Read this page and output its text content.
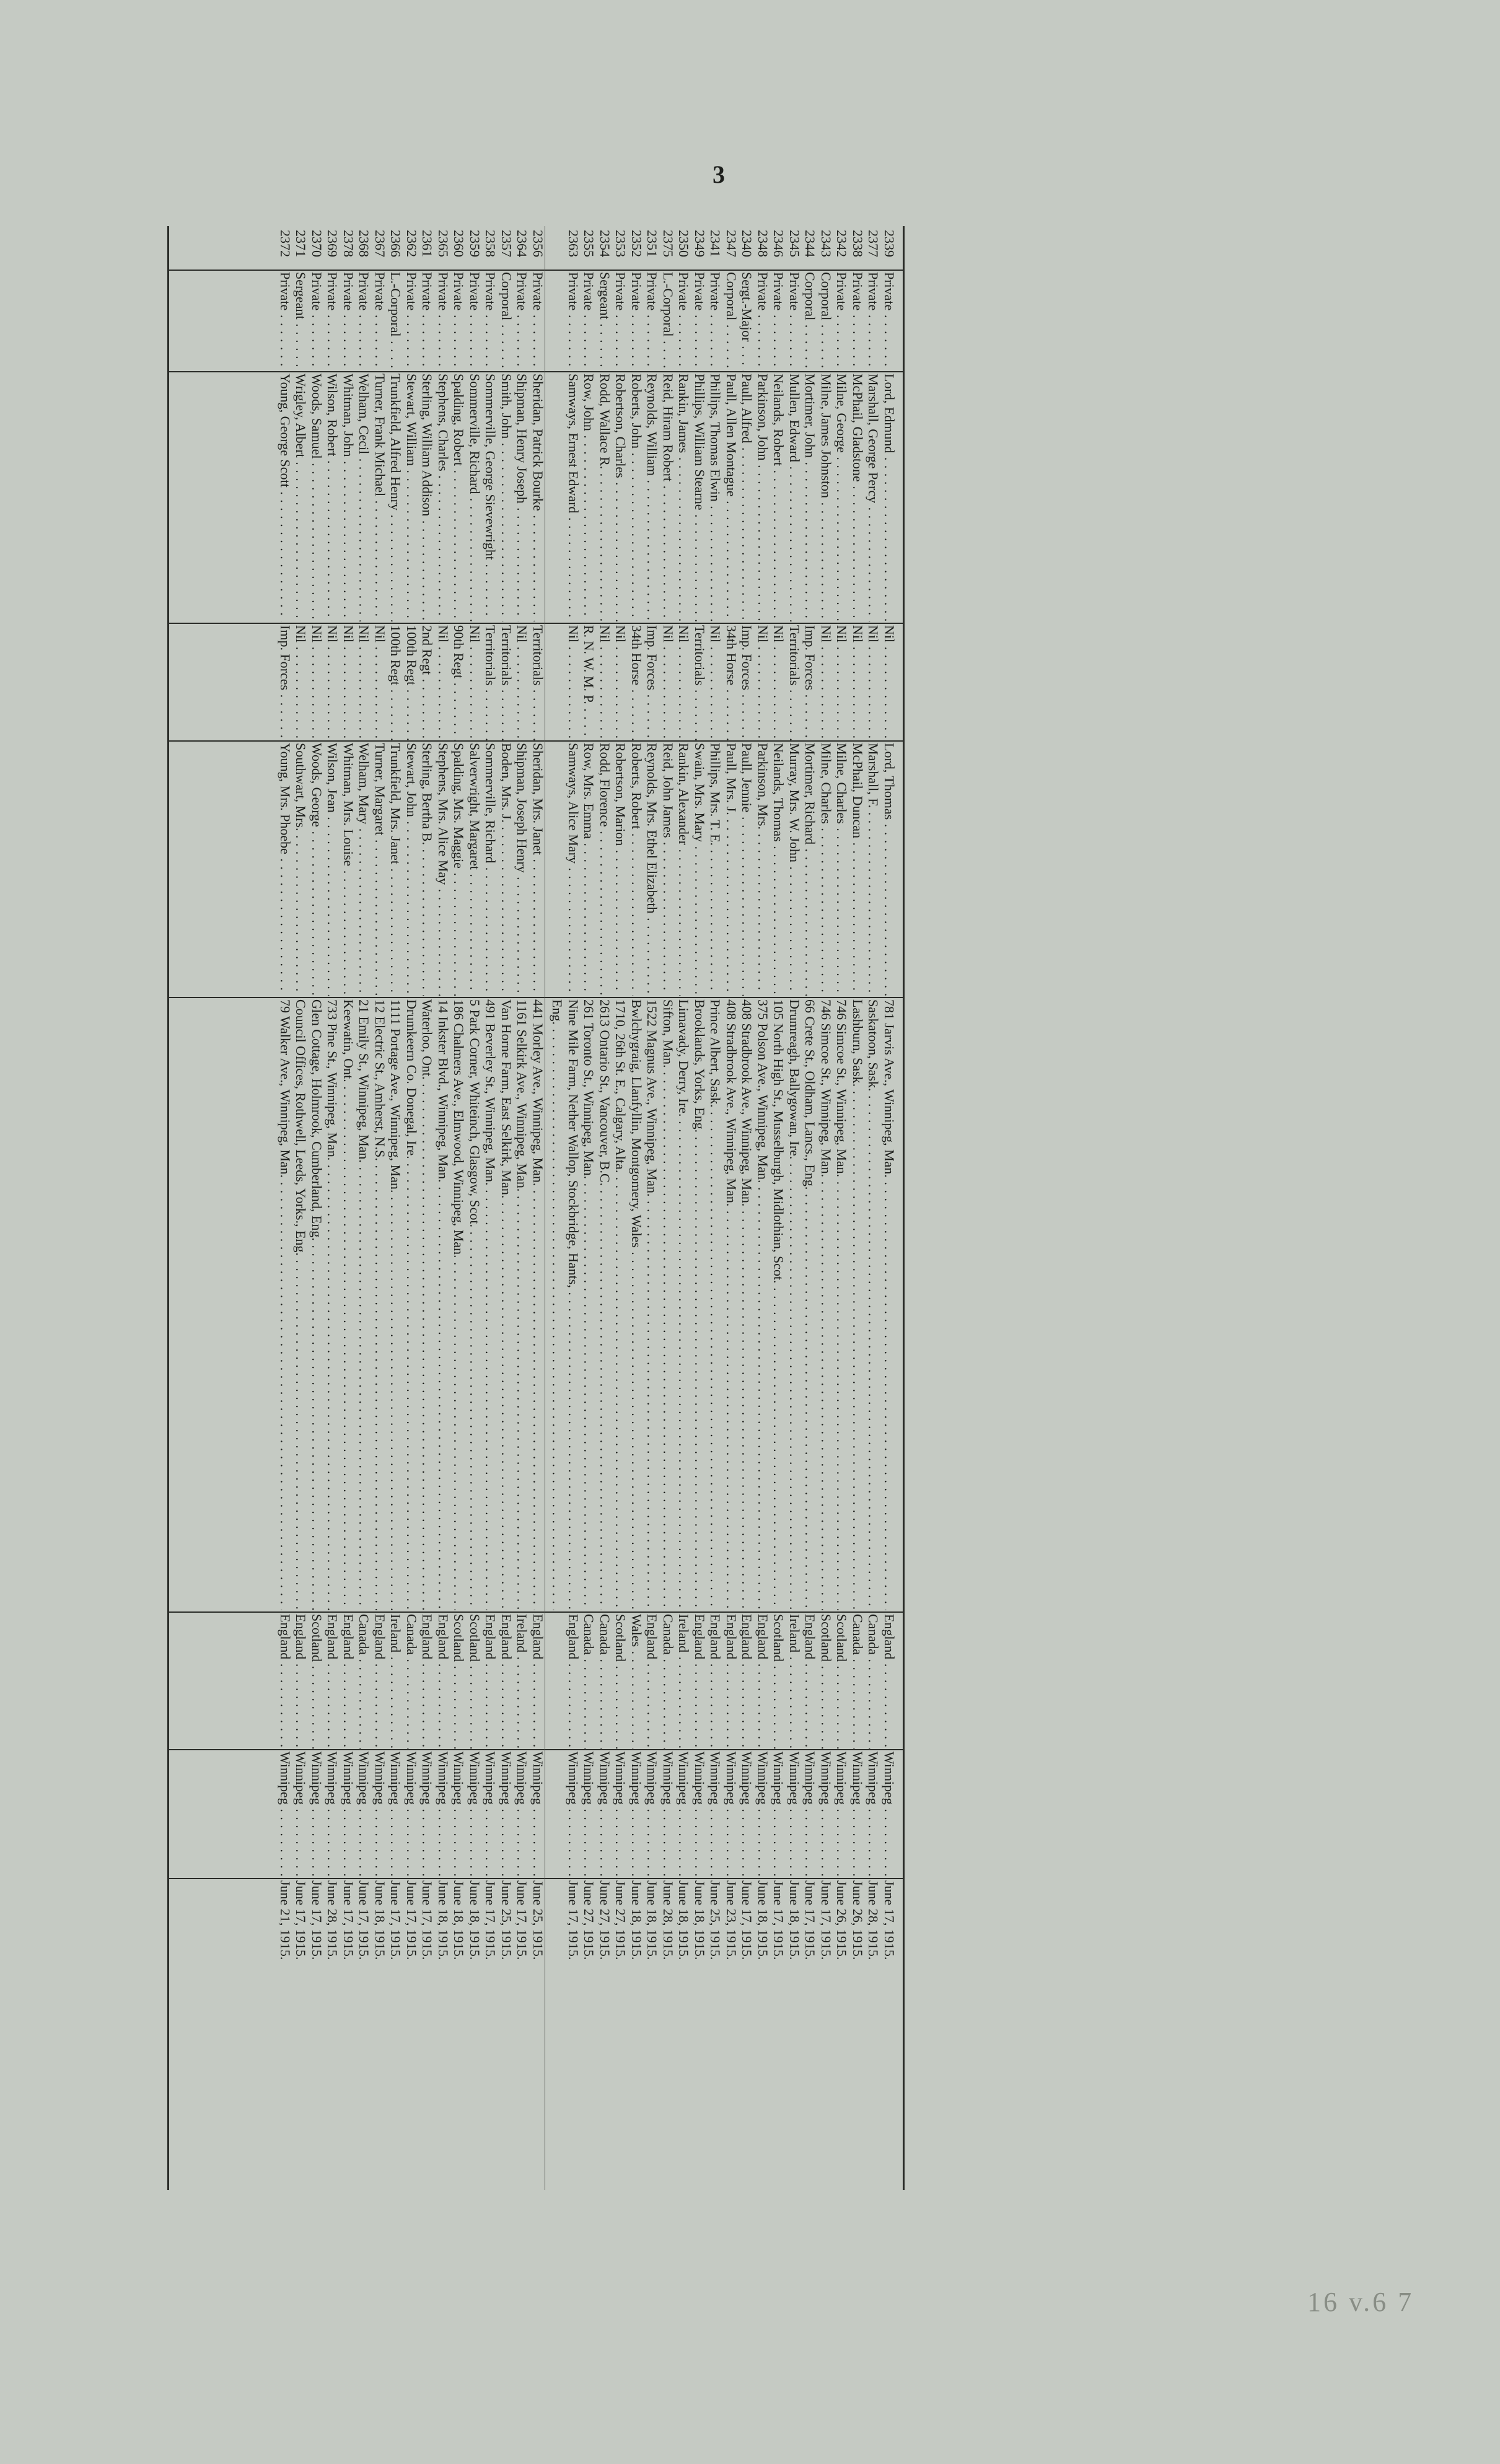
3
2339
Private . . .
Lord, Edmund . . .
Nil . . .
Lord, Thomas . . .
781 Jarvis Ave., Winnipeg, Man. . . .
England . . .
Winnipeg . . .
June 17, 1915.
2377
Private . . .
Marshall, George Percy . . .
Nil . . .
Marshall, F. . . .
Saskatoon, Sask. . . .
Canada . . .
Winnipeg . . .
June 28, 1915.
2338
Private . . .
McPhail, Gladstone . . .
Nil . . .
McPhail, Duncan . . .
Lashburn, Sask. . . .
Canada . . .
Winnipeg . . .
June 26, 1915.
2342
Private . . .
Milne, George . . .
Nil . . .
Milne, Charles . . .
746 Simcoe St., Winnipeg, Man. . . .
Scotland . . .
Winnipeg . . .
June 26, 1915.
2343
Corporal . . .
Milne, James Johnston . . .
Nil . . .
Milne, Charles . . .
746 Simcoe St., Winnipeg, Man. . . .
Scotland . . .
Winnipeg . . .
June 17, 1915.
2344
Corporal . . .
Mortimer, John . . .
Imp. Forces . . .
Mortimer, Richard . . .
66 Crete St., Oldham, Lancs., Eng. . . .
England . . .
Winnipeg . . .
June 17, 1915.
2345
Private . . .
Mullen, Edward . . .
Territorials . . .
Murray, Mrs. W. John . . .
Drumreagh, Ballygowan, Ire. . . .
Ireland . . .
Winnipeg . . .
June 18, 1915.
2346
Private . . .
Neilands, Robert . . .
Nil . . .
Neilands, Thomas . . .
105 North High St., Musselburgh, Midlothian, Scot. . . .
Scotland . . .
Winnipeg . . .
June 17, 1915.
2348
Private . . .
Parkinson, John . . .
Nil . . .
Parkinson, Mrs. . . .
375 Polson Ave., Winnipeg, Man. . . .
England . . .
Winnipeg . . .
June 18, 1915.
2340
Sergt.-Major . . .
Paull, Alfred . . .
Imp. Forces . . .
Paull, Jennie . . .
408 Stradbrook Ave., Winnipeg, Man. . . .
England . . .
Winnipeg . . .
June 17, 1915.
2347
Corporal . . .
Paull, Allen Montague . . .
34th Horse . . .
Paull, Mrs. J. . . .
408 Stradbrook Ave., Winnipeg, Man. . . .
England . . .
Winnipeg . . .
June 23, 1915.
2341
Private . . .
Phillips, Thomas Elwin . . .
Nil . . .
Phillips, Mrs. T. E. . . .
Prince Albert, Sask. . . .
England . . .
Winnipeg . . .
June 25, 1915.
2349
Private . . .
Phillips, William Stearne . . .
Territorials . . .
Swain, Mrs. Mary . . .
Brooklands, Yorks, Eng. . . .
England . . .
Winnipeg . . .
June 18, 1915.
2350
Private . . .
Rankin, James . . .
Nil . . .
Rankin, Alexander . . .
Limavady, Derry, Ire. . . .
Ireland . . .
Winnipeg . . .
June 18, 1915.
2375
L.-Corporal . . .
Reid, Hiram Robert . . .
Nil . . .
Reid, John James . . .
Sifton, Man. . . .
Canada . . .
Winnipeg . . .
June 28, 1915.
2351
Private . . .
Reynolds, William . . .
Imp. Forces . . .
Reynolds, Mrs. Ethel Elizabeth . . .
1522 Magnus Ave., Winnipeg, Man. . . .
England . . .
Winnipeg . . .
June 18, 1915.
2352
Private . . .
Roberts, John . . .
34th Horse . . .
Roberts, Robert . . .
Bwlchygraig, Llanfyllin, Montgomery, Wales . . .
Wales . . .
Winnipeg . . .
June 18, 1915.
2353
Private . . .
Robertson, Charles . . .
Nil . . .
Robertson, Marion . . .
1710, 26th St. E., Calgary, Alta. . . .
Scotland . . .
Winnipeg . . .
June 27, 1915.
2354
Sergeant . . .
Rodd, Wallace R. . . .
Nil . . .
Rodd, Florence . . .
2613 Ontario St., Vancouver, B.C. . . .
Canada . . .
Winnipeg . . .
June 27, 1915.
2355
Private . . .
Row, John . . .
R. N. W. M. P. . . .
Row, Mrs. Emma . . .
261 Toronto St., Winnipeg, Man. . . .
Canada . . .
Winnipeg . . .
June 27, 1915.
2363
Private . . .
Samways, Ernest Edward . . .
Nil . . .
Samways, Alice Mary . . .
Nine Mile Farm, Nether Wallop, Stockbridge, Hants, . . .
England . . .
Winnipeg . . .
June 17, 1915.
Eng. . . .
2356
Private . . .
Sheridan, Patrick Bourke . . .
Territorials . . .
Sheridan, Mrs. Janet . . .
441 Morley Ave., Winnipeg, Man. . . .
England . . .
Winnipeg . . .
June 25, 1915.
2364
Private . . .
Shipman, Henry Joseph . . .
Nil . . .
Shipman, Joseph Henry . . .
1161 Selkirk Ave., Winnipeg, Man. . . .
Ireland . . .
Winnipeg . . .
June 17, 1915.
2357
Corporal . . .
Smith, John . . .
Territorials . . .
Boden, Mrs. J. . . .
Van Horne Farm, East Selkirk, Man. . . .
England . . .
Winnipeg . . .
June 25, 1915.
2358
Private . . .
Sommerville, George Sievewright . . .
Territorials . . .
Sommerville, Richard . . .
491 Beverley St., Winnipeg, Man. . . .
England . . .
Winnipeg . . .
June 17, 1915.
2359
Private . . .
Sommerville, Richard . . .
Nil . . .
Salverwright, Margaret . . .
5 Park Corner, Whiteinch, Glasgow, Scot. . . .
Scotland . . .
Winnipeg . . .
June 18, 1915.
2360
Private . . .
Spalding, Robert . . .
90th Regt . . .
Spalding, Mrs. Maggie . . .
186 Chalmers Ave., Elmwood, Winnipeg, Man. . . .
Scotland . . .
Winnipeg . . .
June 18, 1915.
2365
Private . . .
Stephens, Charles . . .
Nil . . .
Stephens, Mrs. Alice May . . .
14 Inkster Blvd., Winnipeg, Man. . . .
England . . .
Winnipeg . . .
June 18, 1915.
2361
Private . . .
Sterling, William Addison . . .
2nd Regt . . .
Sterling, Bertha B. . . .
Waterloo, Ont. . . .
England . . .
Winnipeg . . .
June 17, 1915.
2362
Private . . .
Stewart, William . . .
100th Regt . . .
Stewart, John . . .
Drumkeern Co. Donegal, Ire. . . .
Canada . . .
Winnipeg . . .
June 17, 1915.
2366
L.-Corporal . . .
Trunkfield, Alfred Henry . . .
100th Regt . . .
Trunkfield, Mrs. Janet . . .
1111 Portage Ave., Winnipeg, Man. . . .
Ireland . . .
Winnipeg . . .
June 17, 1915.
2367
Private . . .
Turner, Frank Michael . . .
Nil . . .
Turner, Margaret . . .
12 Electric St., Amherst, N.S. . . .
England . . .
Winnipeg . . .
June 18, 1915.
2368
Private . . .
Welham, Cecil . . .
Nil . . .
Welham, Mary . . .
21 Emily St., Winnipeg, Man. . . .
Canada . . .
Winnipeg . . .
June 17, 1915.
2378
Private . . .
Whitman, John . . .
Nil . . .
Whitman, Mrs. Louise . . .
Keewatin, Ont. . . .
England . . .
Winnipeg . . .
June 17, 1915.
2369
Private . . .
Wilson, Robert . . .
Nil . . .
Wilson, Jean . . .
733 Pine St., Winnipeg, Man. . . .
England . . .
Winnipeg . . .
June 28, 1915.
2370
Private . . .
Woods, Samuel . . .
Nil . . .
Woods, George . . .
Glen Cottage, Holmrook, Cumberland, Eng. . . .
Scotland . . .
Winnipeg . . .
June 17, 1915.
2371
Sergeant . . .
Wrigley, Albert . . .
Nil . . .
Southwart, Mrs. . . .
Council Offices, Rothwell, Leeds, Yorks., Eng. . . .
England . . .
Winnipeg . . .
June 17, 1915.
2372
Private . . .
Young, George Scott . . .
Imp. Forces . . .
Young, Mrs. Phoebe . . .
79 Walker Ave., Winnipeg, Man. . . .
England . . .
Winnipeg . . .
June 21, 1915.
16 v.6 7
